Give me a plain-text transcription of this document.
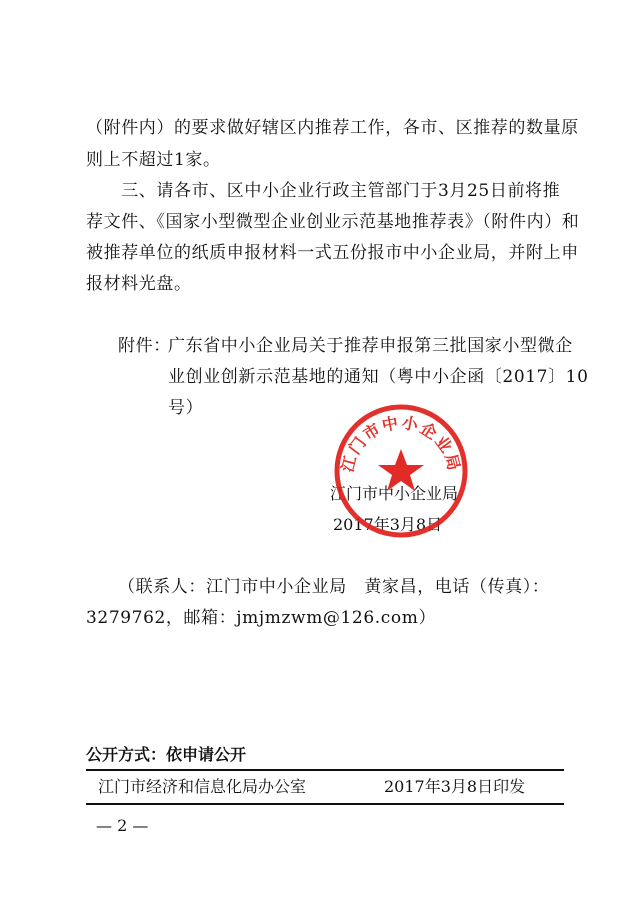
（附件内）的要求做好辖区内推荐工作，各市、区推荐的数量原
则上不超过1家。
　　三、请各市、区中小企业行政主管部门于3月25日前将推
荐文件、《国家小型微型企业创业示范基地推荐表》（附件内）和
被推荐单位的纸质申报材料一式五份报市中小企业局，并附上申
报材料光盘。
附件：
广东省中小企业局关于推荐申报第三批国家小型微企
业创业创新示范基地的通知（粤中小企函〔2017〕10
号）
江门市中小企业局
2017年3月8日
江门市中小企业局
（联系人：江门市中小企业局　黄家昌，电话（传真）：
3279762，邮箱：jmjmzwm@126.com）
公开方式：依申请公开
江门市经济和信息化局办公室	2017年3月8日印发
— 2 —
